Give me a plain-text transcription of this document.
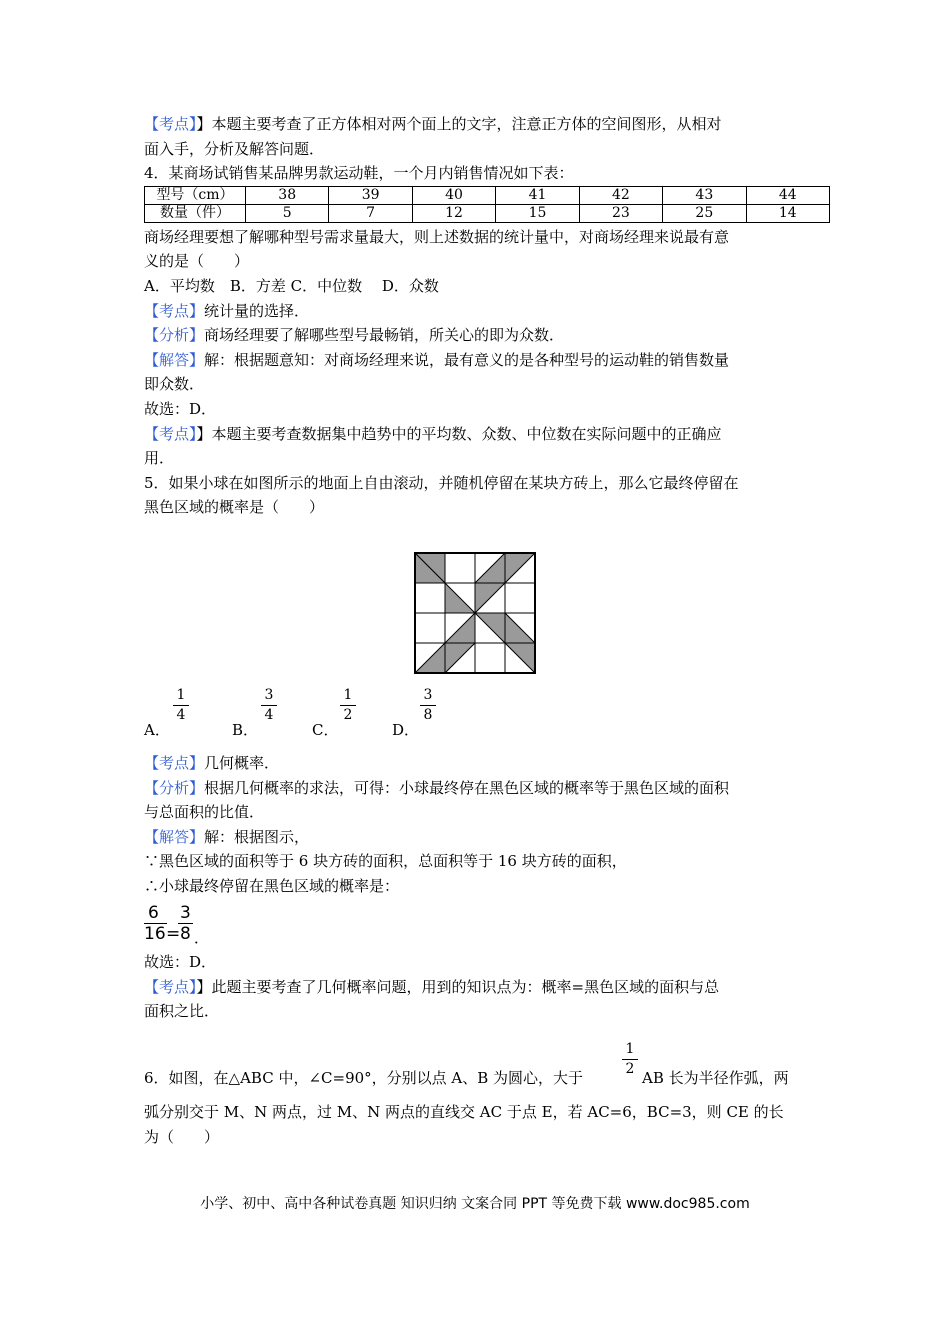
【考点】】本题主要考查了正方体相对两个面上的文字，注意正方体的空间图形，从相对
面入手，分析及解答问题．
4．某商场试销售某品牌男款运动鞋，一个月内销售情况如下表：
型号（cm）	38	39	40	41	42	43	44
数量（件）	5	7	12	15	23	25	14
商场经理要想了解哪种型号需求量最大，则上述数据的统计量中，对商场经理来说最有意
义的是（　　）
A．平均数　B．方差 C．中位数　 D．众数
【考点】统计量的选择．
【分析】商场经理要了解哪些型号最畅销，所关心的即为众数．
【解答】解：根据题意知：对商场经理来说，最有意义的是各种型号的运动鞋的销售数量
即众数．
故选：D．
【考点】】本题主要考查数据集中趋势中的平均数、众数、中位数在实际问题中的正确应
用．
5．如果小球在如图所示的地面上自由滚动，并随机停留在某块方砖上，那么它最终停留在
黑色区域的概率是（　　）
A．
$\frac{1}{4}$
B．
$\frac{3}{4}$
C．
$\frac{1}{2}$
D．
$\frac{3}{8}$
【考点】几何概率．
【分析】根据几何概率的求法，可得：小球最终停在黑色区域的概率等于黑色区域的面积
与总面积的比值．
【解答】解：根据图示，
∵黑色区域的面积等于 6 块方砖的面积，总面积等于 16 块方砖的面积，
∴小球最终停留在黑色区域的概率是：
6
16 =
3
8 ．
故选：D．
【考点】】此题主要考查了几何概率问题，用到的知识点为：概率=黑色区域的面积与总
面积之比．
1
2
6．如图，在△ABC 中，∠C=90°，分别以点 A、B 为圆心，大于	AB 长为半径作弧，两
弧分别交于 M、N 两点，过 M、N 两点的直线交 AC 于点 E，若 AC=6，BC=3，则 CE 的长
为（　　）
小学、初中、高中各种试卷真题 知识归纳 文案合同 PPT 等免费下载 www.doc985.com
